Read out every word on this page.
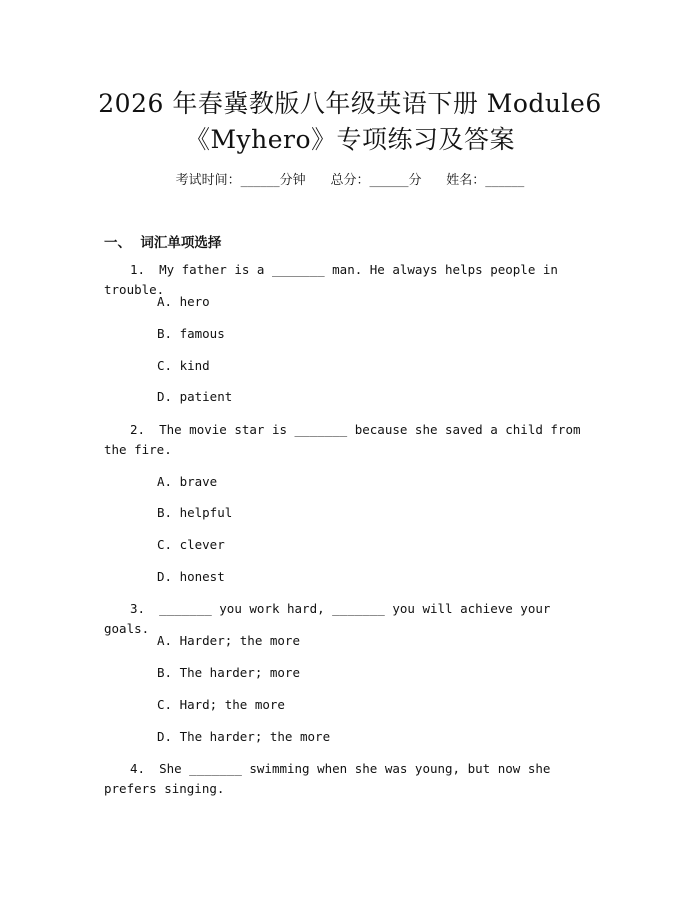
2026 年春冀教版八年级英语下册 Module6
《Myhero》专项练习及答案
考试时间：______分钟 总分：______分 姓名：______
一、 词汇单项选择

1. My father is a _______ man. He always helps people in trouble.

A. hero

B. famous

C. kind

D. patient

2. The movie star is _______ because she saved a child from the fire.

A. brave

B. helpful

C. clever

D. honest

3. _______ you work hard, _______ you will achieve your goals.

A. Harder; the more

B. The harder; more

C. Hard; the more

D. The harder; the more

4. She _______ swimming when she was young, but now she prefers singing.
